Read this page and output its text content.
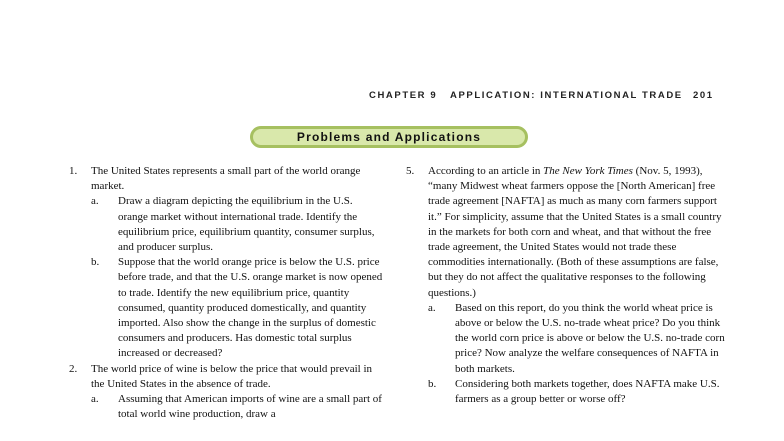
CHAPTER 9 APPLICATION: INTERNATIONAL TRADE 201
Problems and Applications
1.	The United States represents a small part of the world orange market.
a. Draw a diagram depicting the equilibrium in the U.S. orange market without international trade. Identify the equilibrium price, equilibrium quantity, consumer surplus, and producer surplus.
b. Suppose that the world orange price is below the U.S. price before trade, and that the U.S. orange market is now opened to trade. Identify the new equilibrium price, quantity consumed, quantity produced domestically, and quantity imported. Also show the change in the surplus of domestic consumers and producers. Has domestic total surplus increased or decreased?
2.	The world price of wine is below the price that would prevail in the United States in the absence of trade.
a. Assuming that American imports of wine are a small part of total world wine production, draw a
5.	According to an article in The New York Times (Nov. 5, 1993), “many Midwest wheat farmers oppose the [North American] free trade agreement [NAFTA] as much as many corn farmers support it.” For simplicity, assume that the United States is a small country in the markets for both corn and wheat, and that without the free trade agreement, the United States would not trade these commodities internationally. (Both of these assumptions are false, but they do not affect the qualitative responses to the following questions.)
a. Based on this report, do you think the world wheat price is above or below the U.S. no-trade wheat price? Do you think the world corn price is above or below the U.S. no-trade corn price? Now analyze the welfare consequences of NAFTA in both markets.
b. Considering both markets together, does NAFTA make U.S. farmers as a group better or worse off?
